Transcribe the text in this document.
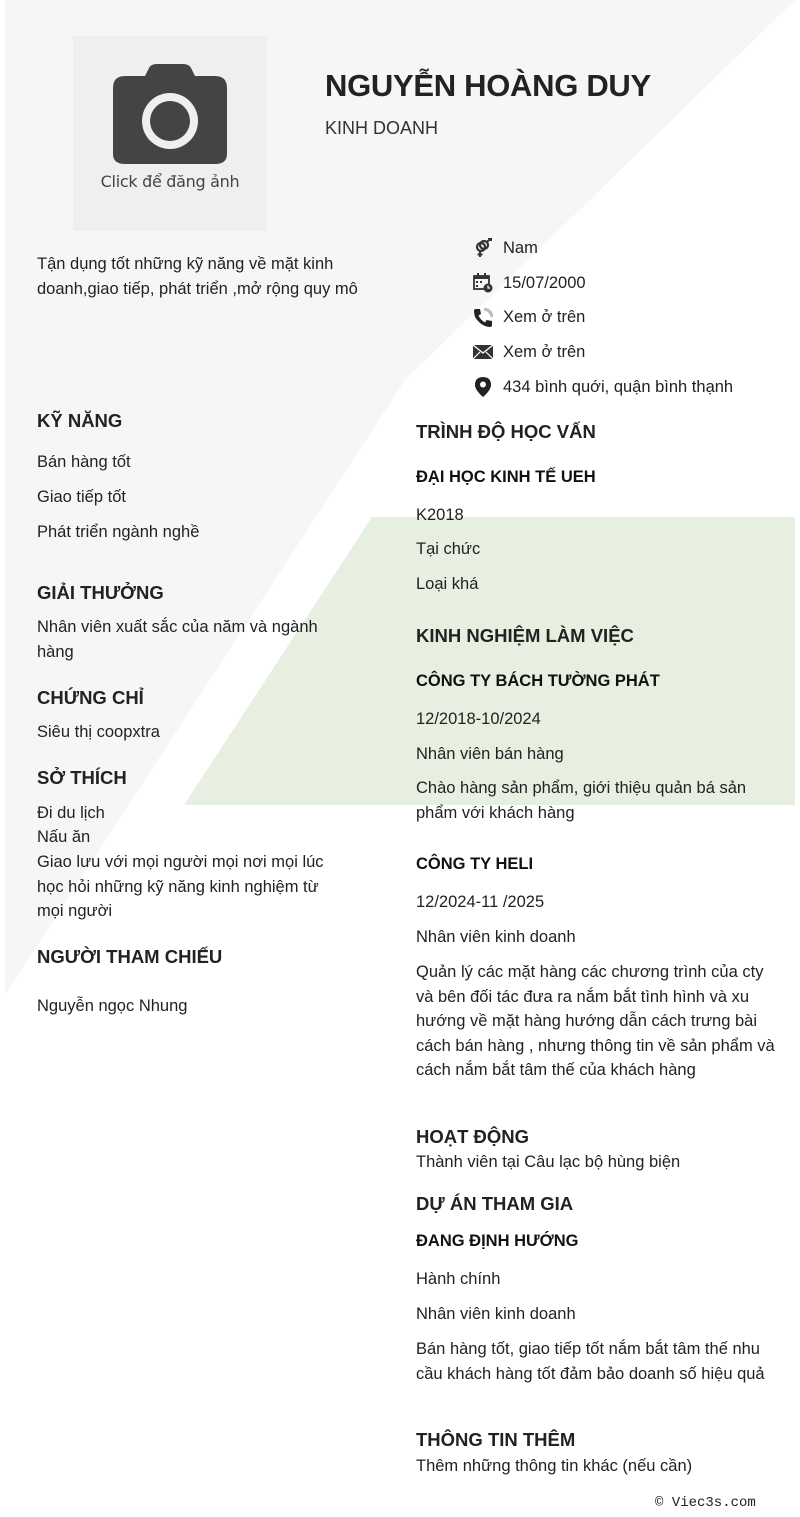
Click để đăng ảnh
NGUYỄN HOÀNG DUY
KINH DOANH
Tận dụng tốt những kỹ năng về mặt kinh doanh,giao tiếp, phát triển ,mở rộng quy mô
Nam
15/07/2000
Xem ở trên
Xem ở trên
434 bình quới, quận bình thạnh
KỸ NĂNG
Bán hàng tốt
Giao tiếp tốt
Phát triển ngành nghề
GIẢI THƯỞNG
Nhân viên xuất sắc của năm và ngành hàng
CHỨNG CHỈ
Siêu thị coopxtra
SỞ THÍCH
Đi du lịch
Nấu ăn
Giao lưu với mọi người mọi nơi mọi lúc học hỏi những kỹ năng kinh nghiệm từ mọi người
NGƯỜI THAM CHIẾU
Nguyễn ngọc Nhung
TRÌNH ĐỘ HỌC VẤN
ĐẠI HỌC KINH TẾ UEH
K2018
Tại chức
Loại khá
KINH NGHIỆM LÀM VIỆC
CÔNG TY BÁCH TƯỜNG PHÁT
12/2018-10/2024
Nhân viên bán hàng
Chào hàng sản phẩm, giới thiệu quản bá sản phẩm với khách hàng
CÔNG TY HELI
12/2024-11 /2025
Nhân viên kinh doanh
Quản lý các mặt hàng các chương trình của cty và bên đối tác đưa ra nắm bắt tình hình và xu hướng về mặt hàng hướng dẫn cách trưng bài cách bán hàng , nhưng thông tin về sản phẩm và cách nắm bắt tâm thế của khách hàng
HOẠT ĐỘNG
Thành viên tại Câu lạc bộ hùng biện
DỰ ÁN THAM GIA
ĐANG ĐỊNH HƯỚNG
Hành chính
Nhân viên kinh doanh
Bán hàng tốt, giao tiếp tốt nắm bắt tâm thế nhu cầu khách hàng tốt đảm bảo doanh số hiệu quả
THÔNG TIN THÊM
Thêm những thông tin khác (nếu cần)
© Viec3s.com
